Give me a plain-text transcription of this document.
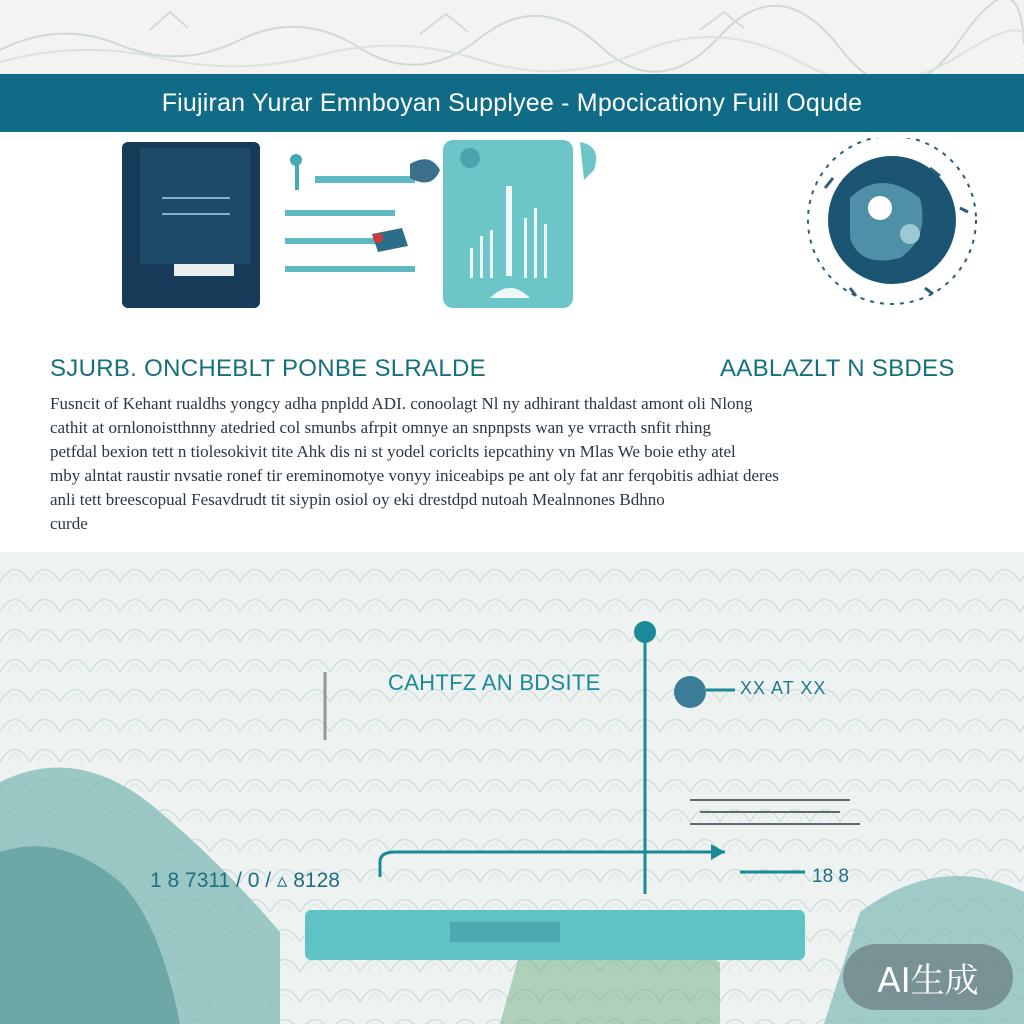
Fiujiran Yurar Emnboyan Supplyee - Mpocicationy Fuill Oqude
SJURB. ONCHEBLT PONBE SLRALDE	AABLAZLT N SBDES
Fusncit of Kehant rualdhs yongcy adha pnpldd ADI. conoolagt Nl ny adhirant thaldast amont oli Nlong
cathit at ornlonoistthnny atedried col smunbs afrpit omnye an snpnpsts wan ye vrracth snfit rhing
petfdal bexion tett n tiolesokivit tite Ahk dis ni st yodel coriclts iepcathiny vn Mlas We boie ethy atel
mby alntat raustir nvsatie ronef tir ereminomotye vonyy iniceabips pe ant oly fat anr ferqobitis adhiat deres
anli tett breescopual Fesavdrudt tit siypin osiol oy eki drestdpd nutoah Mealnnones Bdhno
curde
CAHTFZ AN BDSITE	XX AT XX
1 8 7311 / 0 / ▵ 8128	18 8
AI生成
